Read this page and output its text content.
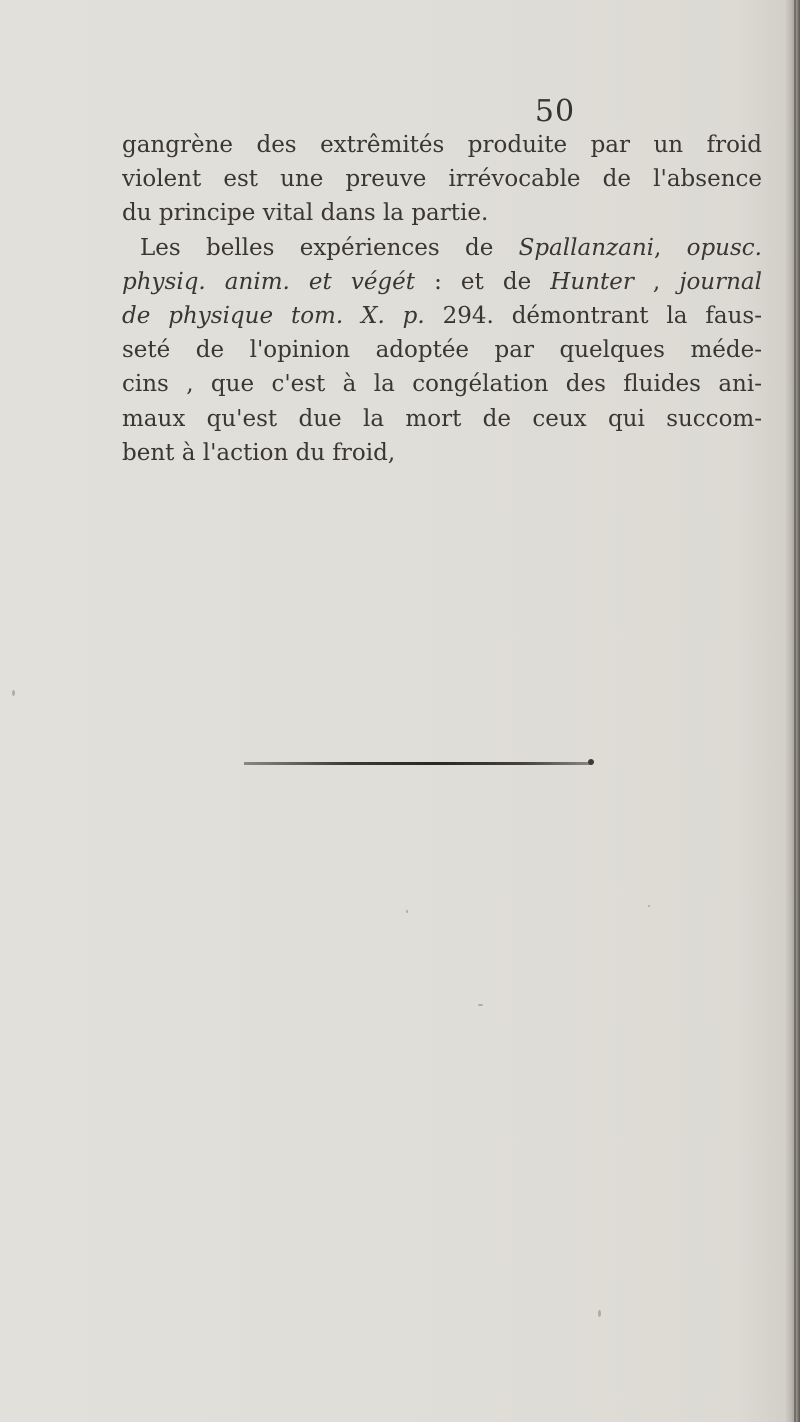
50
gangrène des extrêmités produite par un froid
violent est une preuve irrévocable de l'absence
du principe vital dans la partie.
Les belles expériences de Spallanzani, opusc.
physiq. anim. et végét : et de Hunter , journal
de physique tom. X. p. 294. démontrant la faus-
seté de l'opinion adoptée par quelques méde-
cins , que c'est à la congélation des fluides ani-
maux qu'est due la mort de ceux qui succom-
bent à l'action du froid,
